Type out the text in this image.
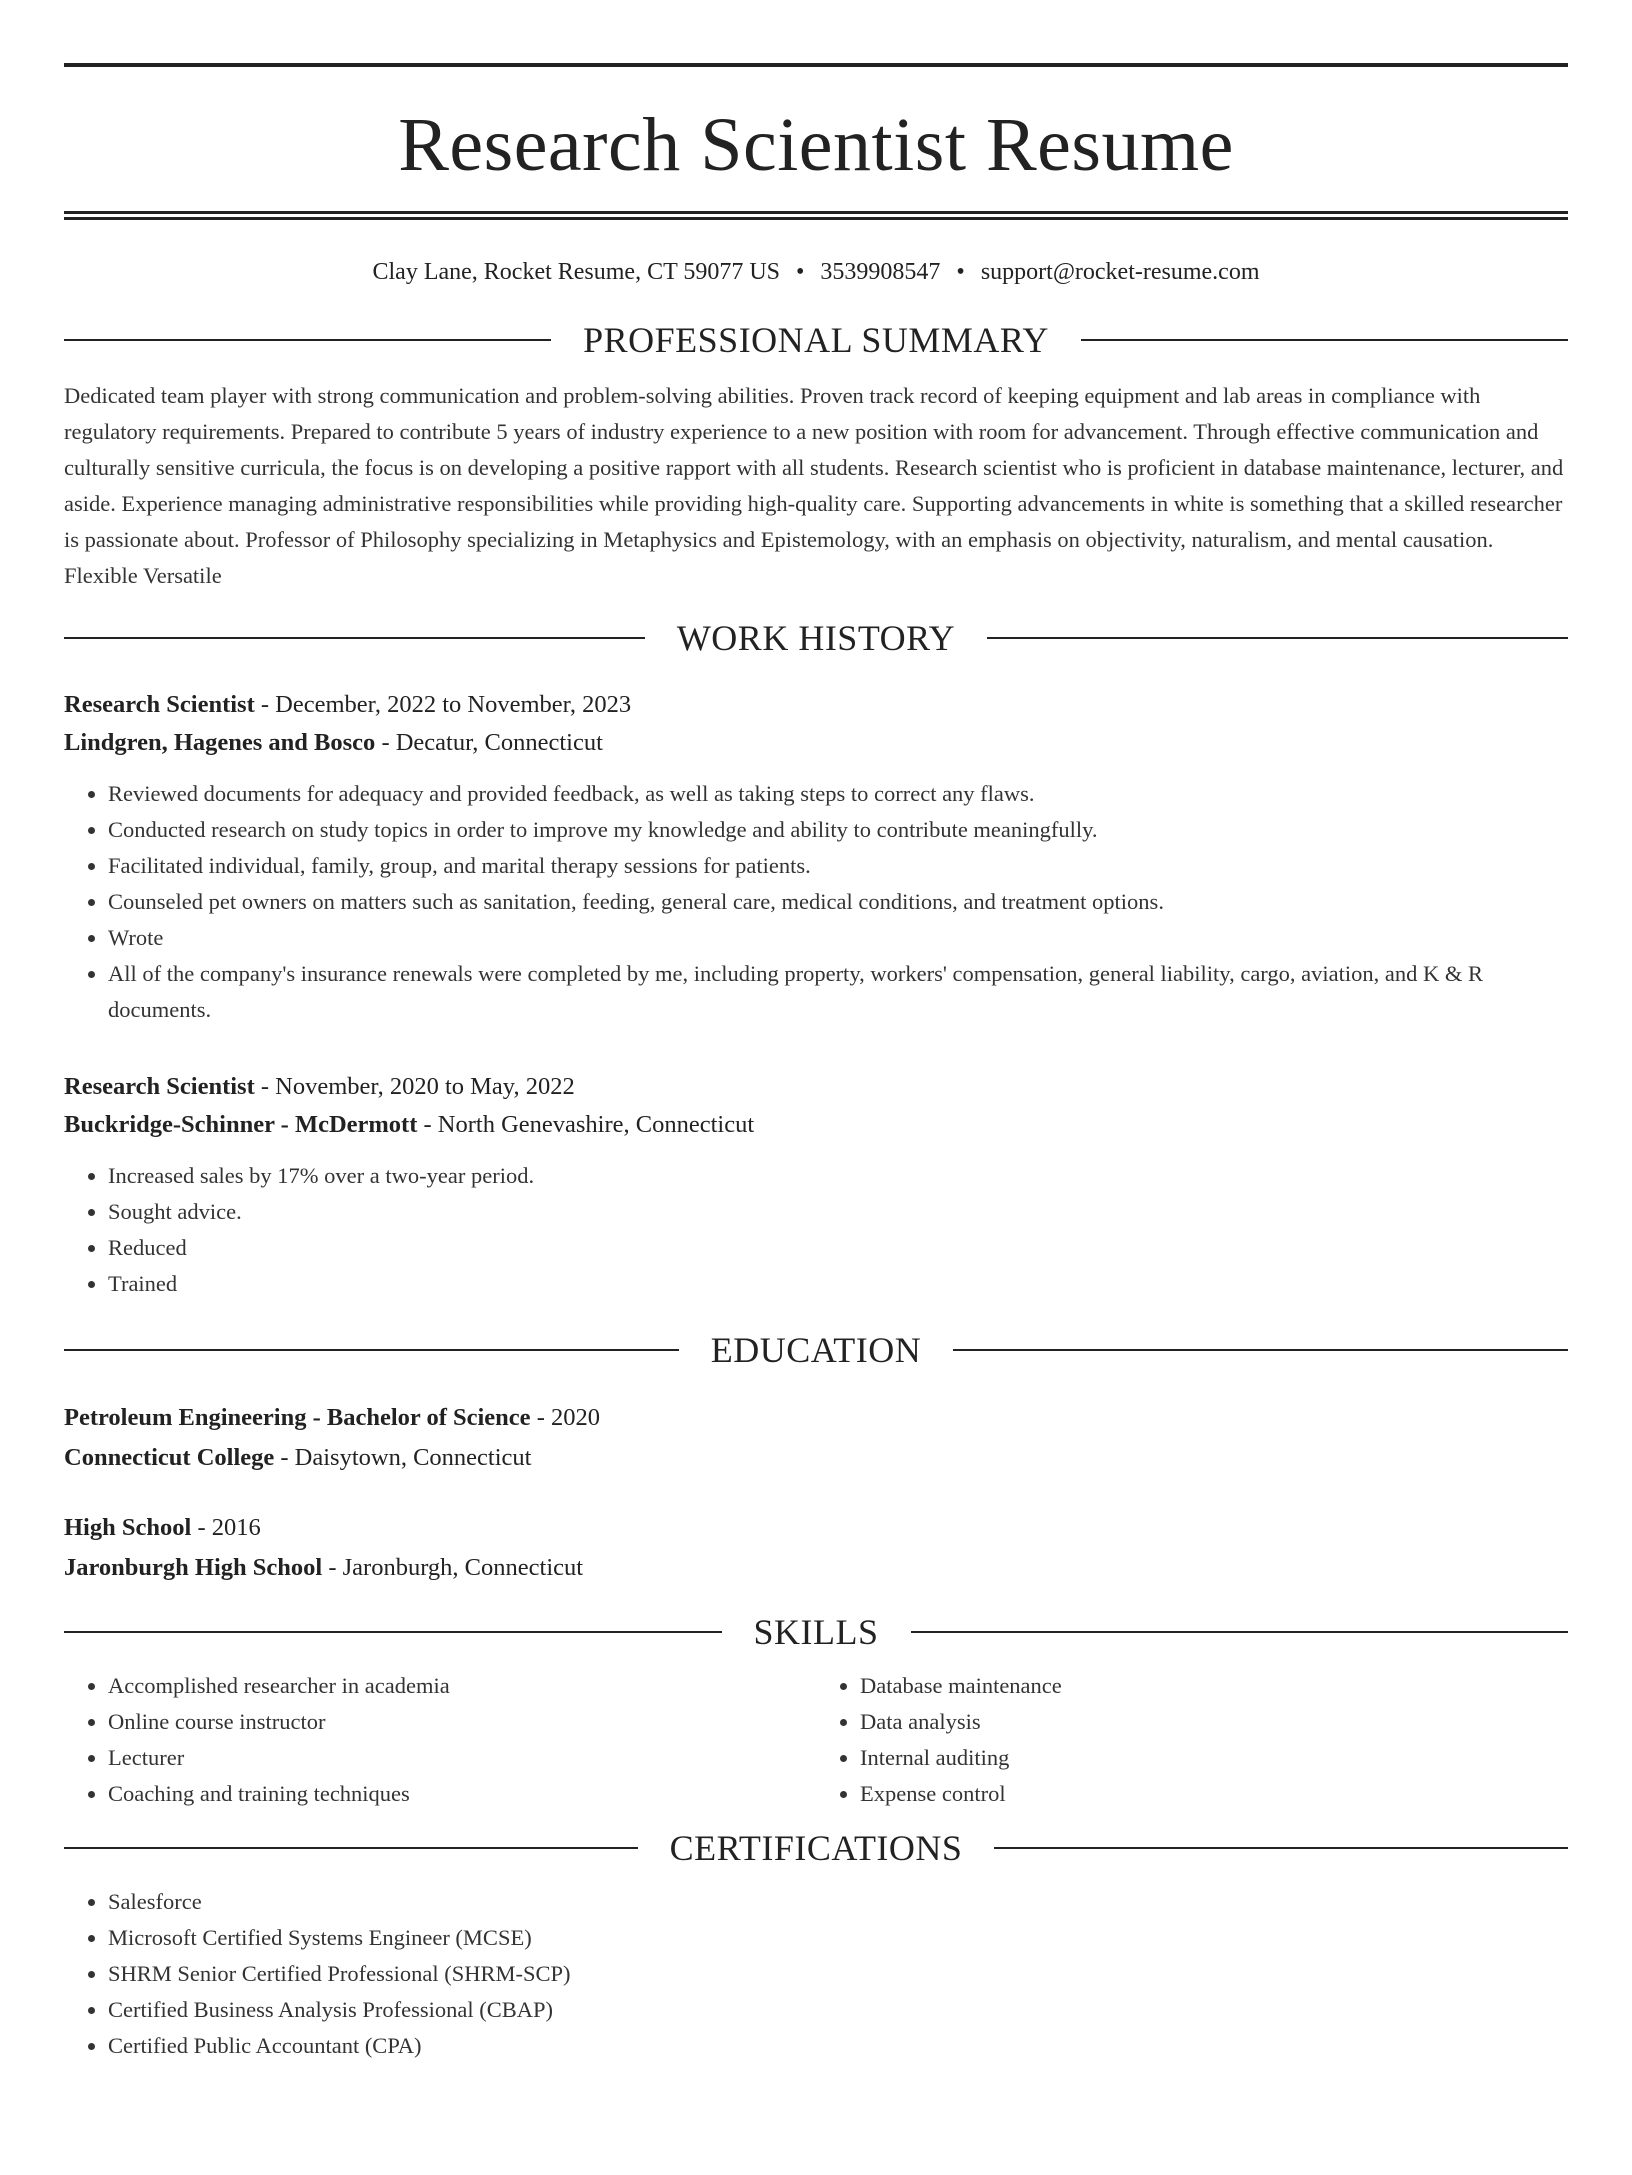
Research Scientist Resume
Clay Lane, Rocket Resume, CT 59077 US • 3539908547 • support@rocket-resume.com
PROFESSIONAL SUMMARY

Dedicated team player with strong communication and problem-solving abilities. Proven track record of keeping equipment and lab areas in compliance with regulatory requirements. Prepared to contribute 5 years of industry experience to a new position with room for advancement. Through effective communication and culturally sensitive curricula, the focus is on developing a positive rapport with all students. Research scientist who is proficient in database maintenance, lecturer, and aside. Experience managing administrative responsibilities while providing high-quality care. Supporting advancements in white is something that a skilled researcher is passionate about. Professor of Philosophy specializing in Metaphysics and Epistemology, with an emphasis on objectivity, naturalism, and mental causation. Flexible Versatile

WORK HISTORY
Research Scientist - December, 2022 to November, 2023
Lindgren, Hagenes and Bosco - Decatur, Connecticut
• Reviewed documents for adequacy and provided feedback, as well as taking steps to correct any flaws.
• Conducted research on study topics in order to improve my knowledge and ability to contribute meaningfully.
• Facilitated individual, family, group, and marital therapy sessions for patients.
• Counseled pet owners on matters such as sanitation, feeding, general care, medical conditions, and treatment options.
• Wrote
• All of the company's insurance renewals were completed by me, including property, workers' compensation, general liability, cargo, aviation, and K & R documents.
Research Scientist - November, 2020 to May, 2022
Buckridge-Schinner - McDermott - North Genevashire, Connecticut
• Increased sales by 17% over a two-year period.
• Sought advice.
• Reduced
• Trained
EDUCATION
Petroleum Engineering - Bachelor of Science - 2020
Connecticut College - Daisytown, Connecticut
High School - 2016
Jaronburgh High School - Jaronburgh, Connecticut
SKILLS
• Accomplished researcher in academia
• Online course instructor
• Lecturer
• Coaching and training techniques
• Database maintenance
• Data analysis
• Internal auditing
• Expense control
CERTIFICATIONS
• Salesforce
• Microsoft Certified Systems Engineer (MCSE)
• SHRM Senior Certified Professional (SHRM-SCP)
• Certified Business Analysis Professional (CBAP)
• Certified Public Accountant (CPA)
